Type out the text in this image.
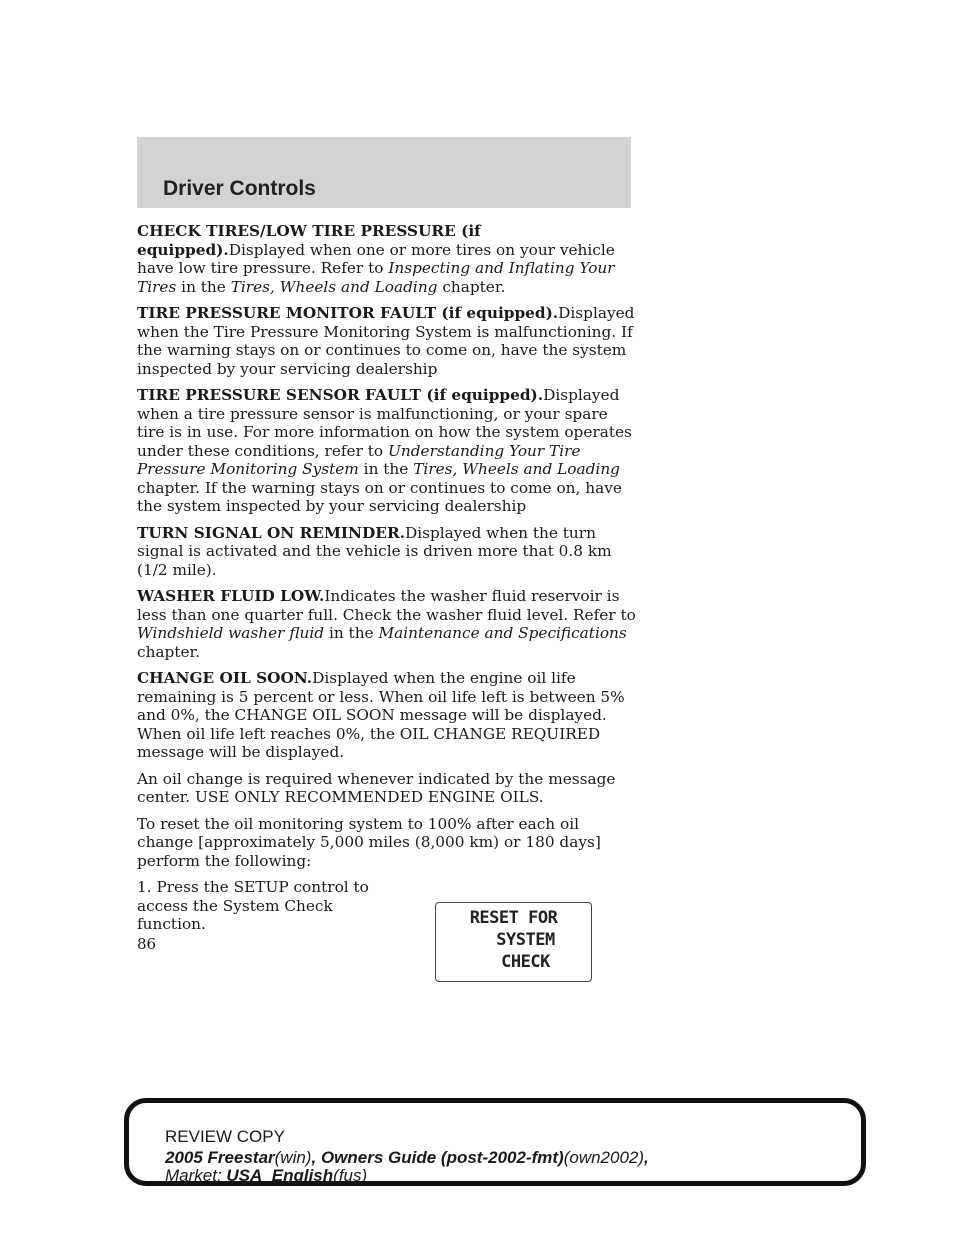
Driver Controls

CHECK TIRES/LOW TIRE PRESSURE (if equipped).Displayed when one or more tires on your vehicle have low tire pressure. Refer to Inspecting and Inflating Your Tires in the Tires, Wheels and Loading chapter.

TIRE PRESSURE MONITOR FAULT (if equipped).Displayed when the Tire Pressure Monitoring System is malfunctioning. If the warning stays on or continues to come on, have the system inspected by your servicing dealership

TIRE PRESSURE SENSOR FAULT (if equipped).Displayed when a tire pressure sensor is malfunctioning, or your spare tire is in use. For more information on how the system operates under these conditions, refer to Understanding Your Tire Pressure Monitoring System in the Tires, Wheels and Loading chapter. If the warning stays on or continues to come on, have the system inspected by your servicing dealership

TURN SIGNAL ON REMINDER.Displayed when the turn signal is activated and the vehicle is driven more that 0.8 km (1/2 mile).

WASHER FLUID LOW.Indicates the washer fluid reservoir is less than one quarter full. Check the washer fluid level. Refer to Windshield washer fluid in the Maintenance and Specifications chapter.

CHANGE OIL SOON.Displayed when the engine oil life remaining is 5 percent or less. When oil life left is between 5% and 0%, the CHANGE OIL SOON message will be displayed. When oil life left reaches 0%, the OIL CHANGE REQUIRED message will be displayed.

An oil change is required whenever indicated by the message center. USE ONLY RECOMMENDED ENGINE OILS.

To reset the oil monitoring system to 100% after each oil change [approximately 5,000 miles (8,000 km) or 180 days] perform the following:

1. Press the SETUP control to access the System Check function.	RESET FOR
SYSTEM
CHECK
86
REVIEW COPY
2005 Freestar(win), Owners Guide (post-2002-fmt)(own2002),
Market: USA_English(fus)
